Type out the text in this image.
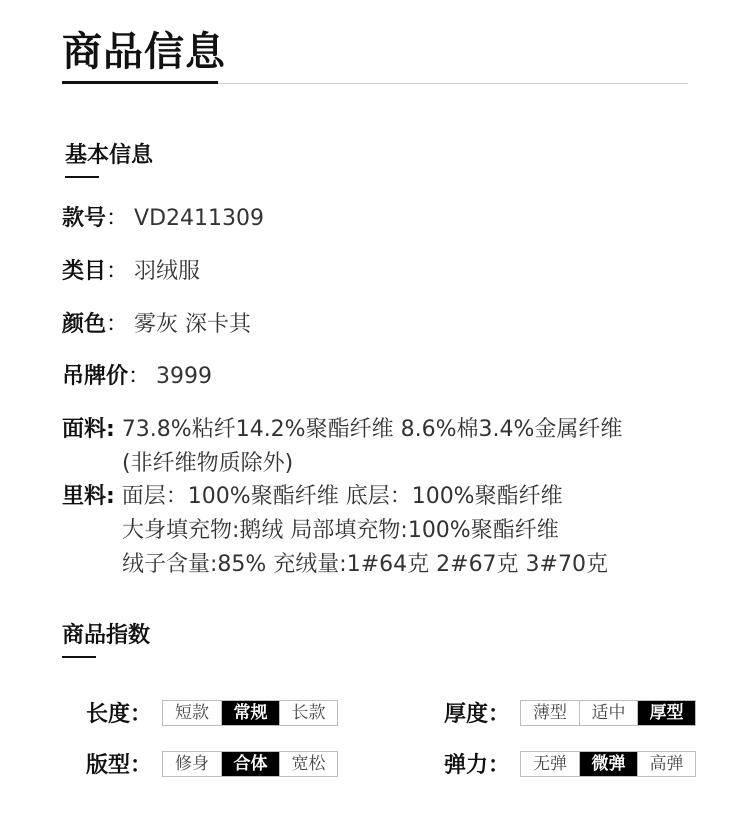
商品信息
基本信息
款号： VD2411309
类目： 羽绒服
颜色： 雾灰 深卡其
吊牌价： 3999
面料: 73.8%粘纤14.2%聚酯纤维 8.6%棉3.4%金属纤维
(非纤维物质除外)
里料: 面层：100%聚酯纤维 底层：100%聚酯纤维
大身填充物:鹅绒 局部填充物:100%聚酯纤维
绒子含量:85% 充绒量:1#64克 2#67克 3#70克
商品指数
长度 ：	短款	常规	长款	厚度 ：	薄型	适中	厚型
版型 ：	修身	合体	宽松	弹力 ：	无弹	微弹	高弹
